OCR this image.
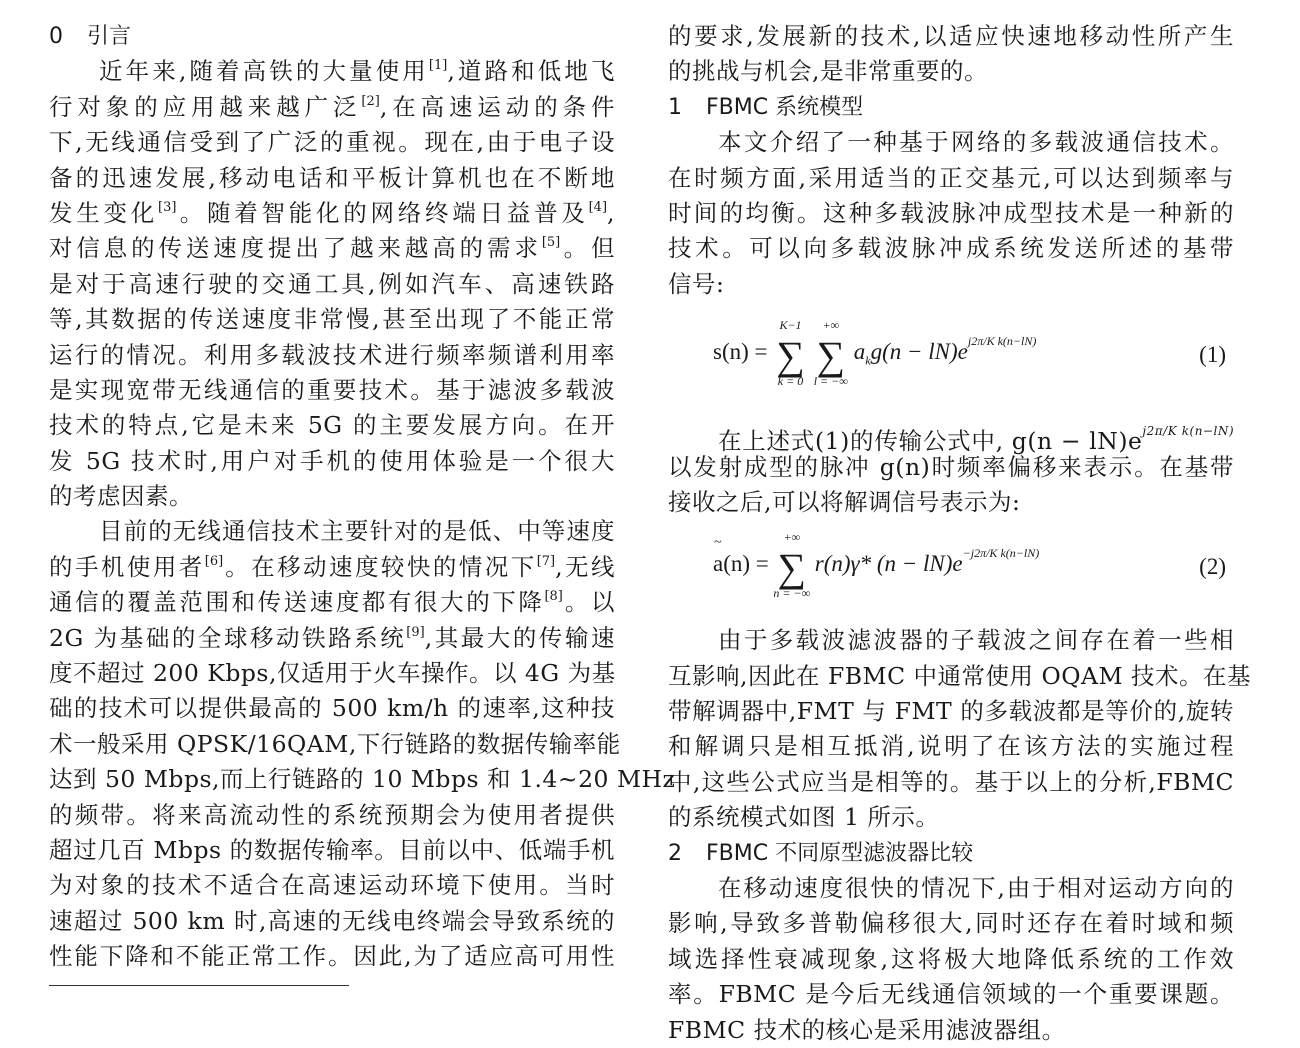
0 引言
近年来,随着高铁的大量使用[1],道路和低地飞
行对象的应用越来越广泛[2],在高速运动的条件
下,无线通信受到了广泛的重视。现在,由于电子设
备的迅速发展,移动电话和平板计算机也在不断地
发生变化[3]。随着智能化的网络终端日益普及[4],
对信息的传送速度提出了越来越高的需求[5]。但
是对于高速行驶的交通工具,例如汽车、高速铁路
等,其数据的传送速度非常慢,甚至出现了不能正常
运行的情况。利用多载波技术进行频率频谱利用率
是实现宽带无线通信的重要技术。基于滤波多载波
技术的特点,它是未来 5G 的主要发展方向。在开
发 5G 技术时,用户对手机的使用体验是一个很大
的考虑因素。
目前的无线通信技术主要针对的是低、中等速度
的手机使用者[6]。在移动速度较快的情况下[7],无线
通信的覆盖范围和传送速度都有很大的下降[8]。以
2G 为基础的全球移动铁路系统[9],其最大的传输速
度不超过 200 Kbps,仅适用于火车操作。以 4G 为基
础的技术可以提供最高的 500 km/h 的速率,这种技
术一般采用 QPSK/16QAM,下行链路的数据传输率能
达到 50 Mbps,而上行链路的 10 Mbps 和 1.4~20 MHz
的频带。将来高流动性的系统预期会为使用者提供
超过几百 Mbps 的数据传输率。目前以中、低端手机
为对象的技术不适合在高速运动环境下使用。当时
速超过 500 km 时,高速的无线电终端会导致系统的
性能下降和不能正常工作。因此,为了适应高可用性
的要求,发展新的技术,以适应快速地移动性所产生
的挑战与机会,是非常重要的。
1 FBMC 系统模型
本文介绍了一种基于网络的多载波通信技术。
在时频方面,采用适当的正交基元,可以达到频率与
时间的均衡。这种多载波脉冲成型技术是一种新的
技术。可以向多载波脉冲成系统发送所述的基带
信号:
s(n) = ∑
K−1
k = 0
∑
+∞
l = −∞
$a_kg(n - lN)e^{j2\pi/K k(n-lN)}$
(1)
在上述式(1)的传输公式中, $g(n - lN)e^{j2\pi/K k(n-lN)}$
以发射成型的脉冲 g(n)时频率偏移来表示。在基带
接收之后,可以将解调信号表示为:
~ a(n) = ∑
+∞
n = −∞
r(n)γ* $(n - lN)e^{-j2\pi/K k(n-lN)}$
(2)
由于多载波滤波器的子载波之间存在着一些相
互影响,因此在 FBMC 中通常使用 OQAM 技术。在基
带解调器中,FMT 与 FMT 的多载波都是等价的,旋转
和解调只是相互抵消,说明了在该方法的实施过程
中,这些公式应当是相等的。基于以上的分析,FBMC
的系统模式如图 1 所示。
2 FBMC 不同原型滤波器比较
在移动速度很快的情况下,由于相对运动方向的
影响,导致多普勒偏移很大,同时还存在着时域和频
域选择性衰减现象,这将极大地降低系统的工作效
率。FBMC 是今后无线通信领域的一个重要课题。
FBMC 技术的核心是采用滤波器组。
